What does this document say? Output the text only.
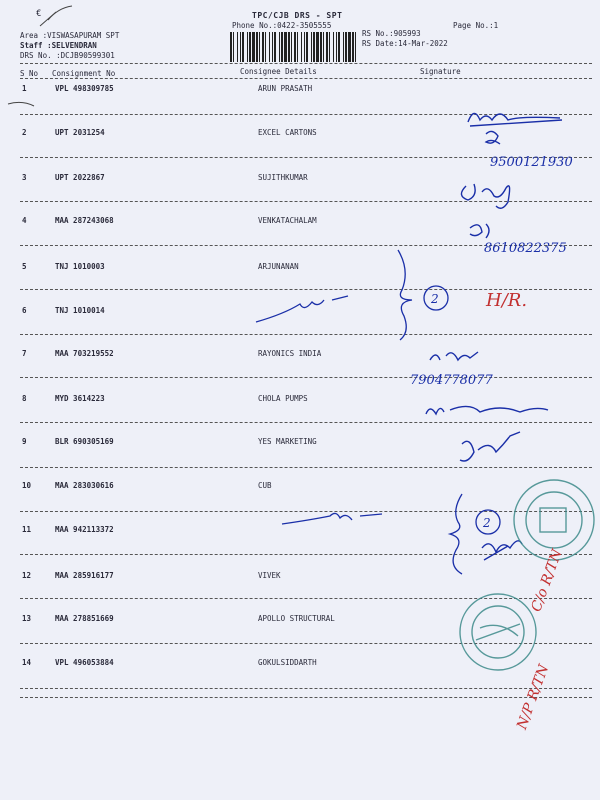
€	TPC/CJB DRS - SPT
Phone No.:0422-3505555	Page No.:1
Area :VISWASAPURAM SPT
Staff :SELVENDRAN
DRS No. :DCJB90599301
RS No.:905993
RS Date:14-Mar-2022
S No Consignment No	Consignee Details	Signature
1	VPL 498309785	ARUN PRASATH
2	UPT 2031254	EXCEL CARTONS
3	UPT 2022867	SUJITHKUMAR
4	MAA 287243068	VENKATACHALAM
5	TNJ 1010003	ARJUNANAN
6	TNJ 1010014
7	MAA 703219552	RAYONICS INDIA
8	MYD 3614223	CHOLA PUMPS
9	BLR 690305169	YES MARKETING
10	MAA 283030616	CUB
11	MAA 942113372
12	MAA 285916177	VIVEK
13	MAA 278851669	APOLLO STRUCTURAL
14	VPL 496053884	GOKULSIDDARTH
9500121930
8610822375
2	H/R.
7904778077
2
C/o R/TN
N/P R/TN
